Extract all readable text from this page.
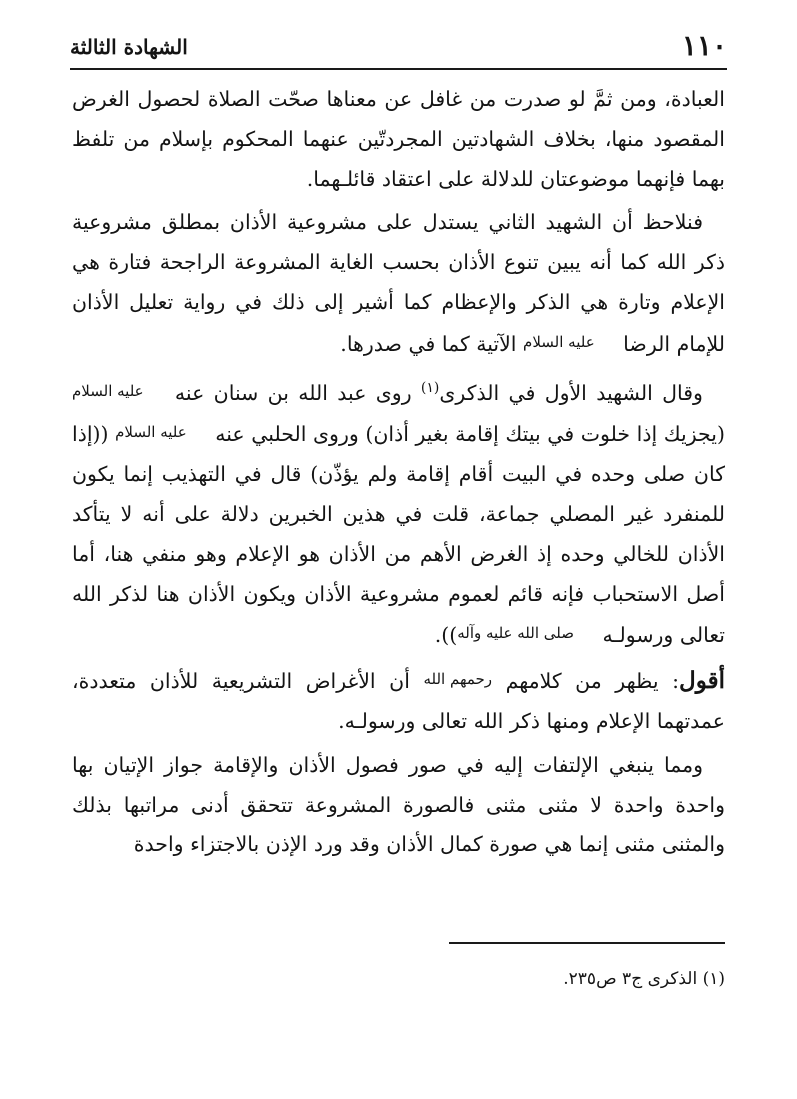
١١٠
الشهادة الثالثة

العبادة، ومن ثمَّ لو صدرت من غافل عن معناها صحّت الصلاة لحصول الغرض المقصود منها، بخلاف الشهادتين المجردتّين عنهما المحكوم بإسلام من تلفظ بهما فإنهما موضوعتان للدلالة على اعتقاد قائلـهما.

فنلاحظ أن الشهيد الثاني يستدل على مشروعية الأذان بمطلق مشروعية ذكر الله كما أنه يبين تنوع الأذان بحسب الغاية المشروعة الراجحة فتارة هي الإعلام وتارة هي الذكر والإعظام كما أشير إلى ذلك في رواية تعليل الأذان للإمام الرضا عليه السلام الآتية كما في صدرها.

وقال الشهيد الأول في الذكرى$^{(١)}$ روى عبد الله بن سنان عنه عليه السلام (يجزيك إذا خلوت في بيتك إقامة بغير أذان) وروى الحلبي عنه عليه السلام ((إذا كان صلى وحده في البيت أقام إقامة ولم يؤذّن) قال في التهذيب إنما يكون للمنفرد غير المصلي جماعة، قلت في هذين الخبرين دلالة على أنه لا يتأكد الأذان للخالي وحده إذ الغرض الأهم من الأذان هو الإعلام وهو منفي هنا، أما أصل الاستحباب فإنه قائم لعموم مشروعية الأذان ويكون الأذان هنا لذكر الله تعالى ورسولـه صلى الله عليه وآله)).

أقول: يظهر من كلامهم رحمهم الله أن الأغراض التشريعية للأذان متعددة، عمدتهما الإعلام ومنها ذكر الله تعالى ورسولـه.

ومما ينبغي الإلتفات إليه في صور فصول الأذان والإقامة جواز الإتيان بها واحدة واحدة لا مثنى مثنى فالصورة المشروعة تتحقق أدنى مراتبها بذلك والمثنى مثنى إنما هي صورة كمال الأذان وقد ورد الإذن بالاجتزاء واحدة

(١) الذكرى ج٣ ص٢٣٥.
